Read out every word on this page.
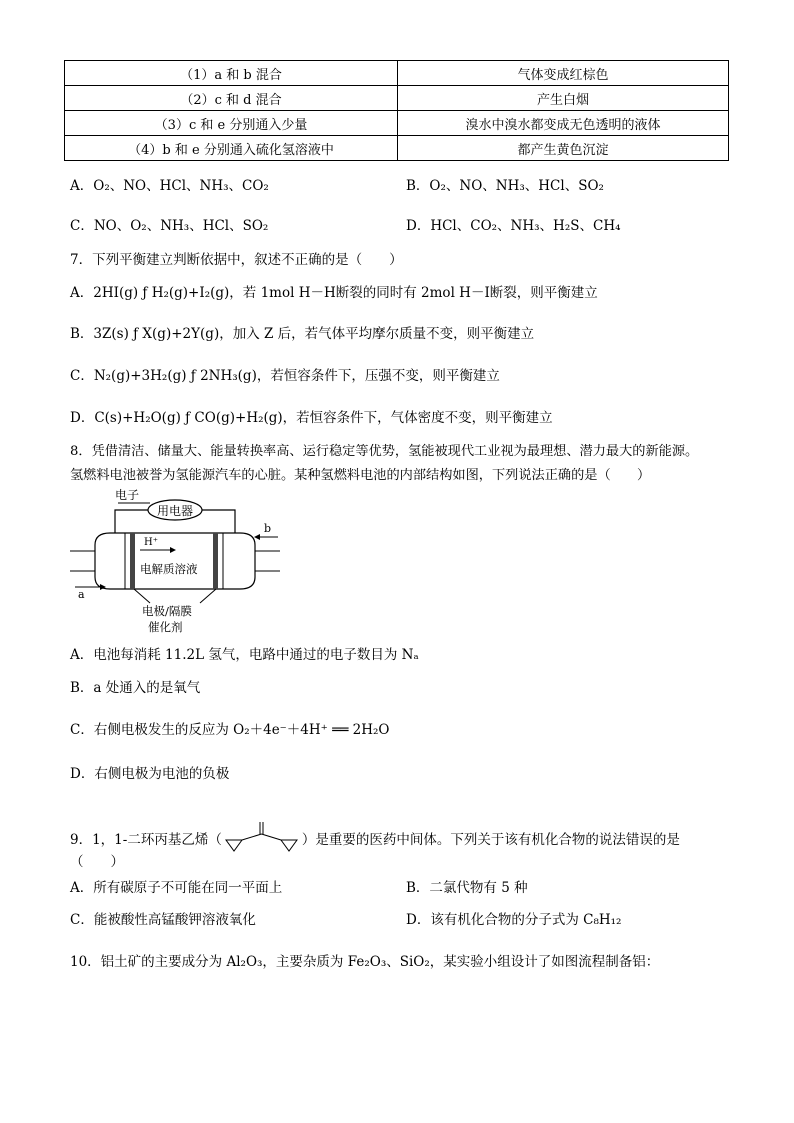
（1）a 和 b 混合	气体变成红棕色
（2）c 和 d 混合	产生白烟
（3）c 和 e 分别通入少量	溴水中溴水都变成无色透明的液体
（4）b 和 e 分别通入硫化氢溶液中	都产生黄色沉淀
A．O₂、NO、HCl、NH₃、CO₂	B．O₂、NO、NH₃、HCl、SO₂
C．NO、O₂、NH₃、HCl、SO₂	D．HCl、CO₂、NH₃、H₂S、CH₄
7．下列平衡建立判断依据中，叙述不正确的是（　　）
A．2HI(g) ƒ H₂(g)+I₂(g)，若 1mol H－H断裂的同时有 2mol H－I断裂，则平衡建立
B．3Z(s) ƒ X(g)+2Y(g)，加入 Z 后，若气体平均摩尔质量不变，则平衡建立
C．N₂(g)+3H₂(g) ƒ 2NH₃(g)，若恒容条件下，压强不变，则平衡建立
D．C(s)+H₂O(g) ƒ CO(g)+H₂(g)，若恒容条件下，气体密度不变，则平衡建立
8．凭借清洁、储量大、能量转换率高、运行稳定等优势，氢能被现代工业视为最理想、潜力最大的新能源。
氢燃料电池被誉为氢能源汽车的心脏。某种氢燃料电池的内部结构如图，下列说法正确的是（　　）
电子
用电器
b
a
H⁺
电解质溶液
电极/隔膜
催化剂
A．电池每消耗 11.2L 氢气，电路中通过的电子数目为 Nₐ
B．a 处通入的是氧气
C．右侧电极发生的反应为 O₂＋4e⁻＋4H⁺ ══ 2H₂O
D．右侧电极为电池的负极
9．1，1-二环丙基乙烯（	）是重要的医药中间体。下列关于该有机化合物的说法错误的是
（　　）
A．所有碳原子不可能在同一平面上	B．二氯代物有 5 种
C．能被酸性高锰酸钾溶液氧化	D．该有机化合物的分子式为 C₈H₁₂
10．铝土矿的主要成分为 Al₂O₃，主要杂质为 Fe₂O₃、SiO₂，某实验小组设计了如图流程制备铝：
